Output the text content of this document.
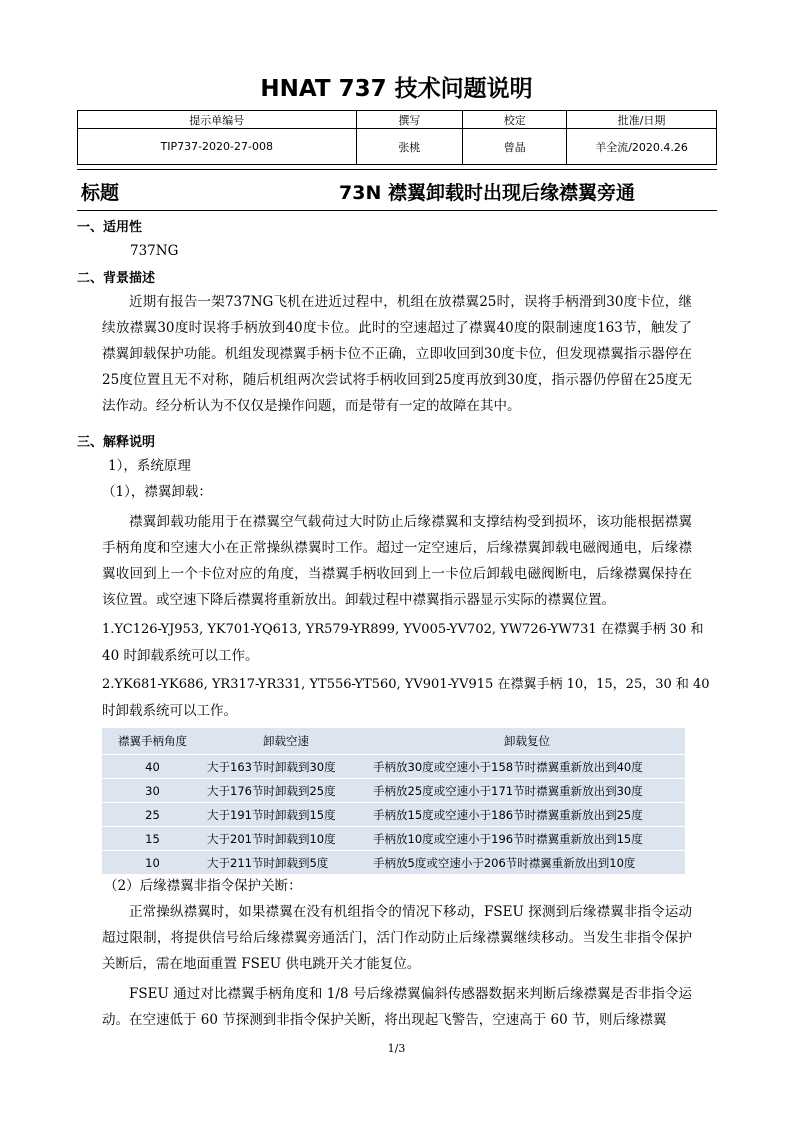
HNAT 737 技术问题说明
提示单编号	撰写	校定	批准/日期
TIP737-2020-27-008	张桃	曾晶	羊全流/2020.4.26
标题	73N 襟翼卸载时出现后缘襟翼旁通
一、适用性
737NG
二、背景描述
近期有报告一架737NG飞机在进近过程中，机组在放襟翼25时，误将手柄滑到30度卡位，继续放襟翼30度时误将手柄放到40度卡位。此时的空速超过了襟翼40度的限制速度163节，触发了襟翼卸载保护功能。机组发现襟翼手柄卡位不正确，立即收回到30度卡位，但发现襟翼指示器停在25度位置且无不对称，随后机组两次尝试将手柄收回到25度再放到30度，指示器仍停留在25度无法作动。经分析认为不仅仅是操作问题，而是带有一定的故障在其中。
三、解释说明
1），系统原理
（1），襟翼卸载：
襟翼卸载功能用于在襟翼空气载荷过大时防止后缘襟翼和支撑结构受到损坏，该功能根据襟翼手柄角度和空速大小在正常操纵襟翼时工作。超过一定空速后，后缘襟翼卸载电磁阀通电，后缘襟翼收回到上一个卡位对应的角度，当襟翼手柄收回到上一卡位后卸载电磁阀断电，后缘襟翼保持在该位置。或空速下降后襟翼将重新放出。卸载过程中襟翼指示器显示实际的襟翼位置。
1.YC126-YJ953, YK701-YQ613, YR579-YR899, YV005-YV702, YW726-YW731 在襟翼手柄 30 和
40 时卸载系统可以工作。
2.YK681-YK686, YR317-YR331, YT556-YT560, YV901-YV915 在襟翼手柄 10，15，25，30 和 40
时卸载系统可以工作。
襟翼手柄角度	卸载空速	卸载复位
40	大于163节时卸载到30度	手柄放30度或空速小于158节时襟翼重新放出到40度
30	大于176节时卸载到25度	手柄放25度或空速小于171节时襟翼重新放出到30度
25	大于191节时卸载到15度	手柄放15度或空速小于186节时襟翼重新放出到25度
15	大于201节时卸载到10度	手柄放10度或空速小于196节时襟翼重新放出到15度
10	大于211节时卸载到5度	手柄放5度或空速小于206节时襟翼重新放出到10度
（2）后缘襟翼非指令保护关断：
正常操纵襟翼时，如果襟翼在没有机组指令的情况下移动，FSEU 探测到后缘襟翼非指令运动超过限制，将提供信号给后缘襟翼旁通活门，活门作动防止后缘襟翼继续移动。当发生非指令保护关断后，需在地面重置 FSEU 供电跳开关才能复位。
FSEU 通过对比襟翼手柄角度和 1/8 号后缘襟翼偏斜传感器数据来判断后缘襟翼是否非指令运动。在空速低于 60 节探测到非指令保护关断，将出现起飞警告，空速高于 60 节，则后缘襟翼
1/3
